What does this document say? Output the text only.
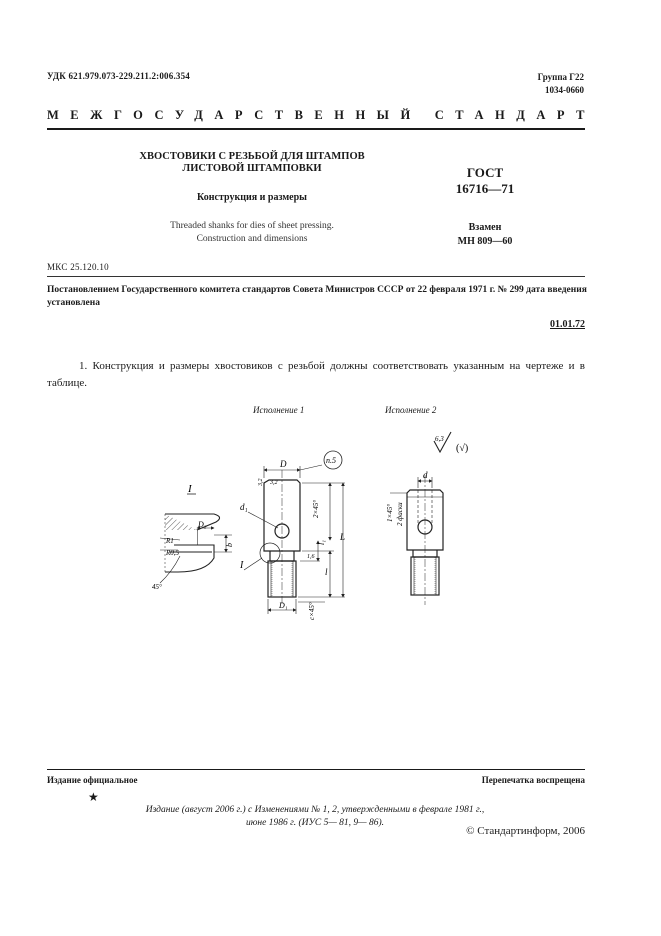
УДК 621.979.073-229.211.2:006.354	Группа Г22
1034-0660
МЕЖГОСУДАРСТВЕННЫЙ СТАНДАРТ
ХВОСТОВИКИ С РЕЗЬБОЙ ДЛЯ ШТАМПОВ
ЛИСТОВОЙ ШТАМПОВКИ
Конструкция и размеры
Threaded shanks for dies of sheet pressing.
Construction and dimensions
ГОСТ
16716—71
Взамен
МН 809—60
МКС 25.120.10
Постановлением Государственного комитета стандартов Совета Министров СССР от 22 февраля 1971 г. № 299 дата введения установлена
01.01.72
1. Конструкция и размеры хвостовиков с резьбой должны соответствовать указанным на чертеже и в таблице.
Исполнение 1	Исполнение 2
D	п.5
3,2 3,2
d₁	2×45°
l₁
L
l
1,6
c×45°
D₁
I
I
D₂
b
R1
R0,5
45°
d
1×45° 2 фаски
6,3
(√)
Издание официальное	Перепечатка воспрещена
★
Издание (август 2006 г.) с Изменениями № 1, 2, утвержденными в феврале 1981 г.,
июне 1986 г. (ИУС 5— 81, 9— 86).
© Стандартинформ, 2006
